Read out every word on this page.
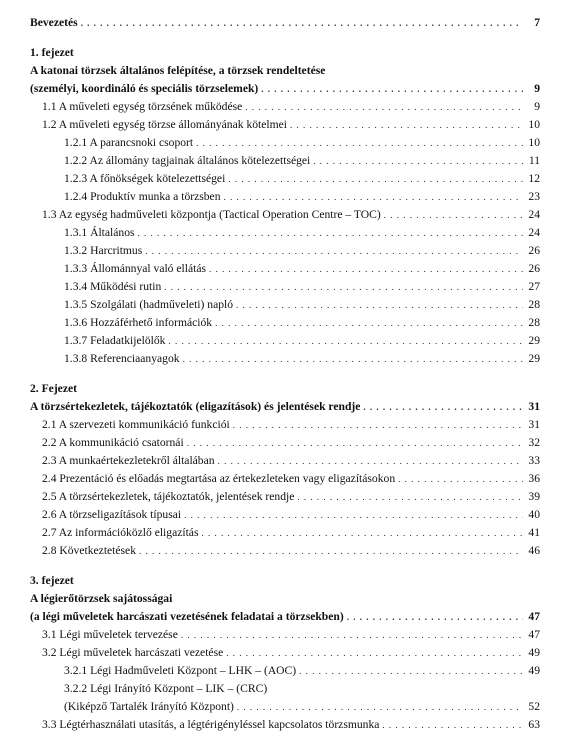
Bevezetés . . .	7
1. fejezet
A katonai törzsek általános felépítése, a törzsek rendeltetése
(személyi, koordináló és speciális törzselemek) . . .	9
1.1 A műveleti egység törzsének működése . . .	9
1.2 A műveleti egység törzse állományának kötelmei . . .	10
1.2.1 A parancsnoki csoport . . .	10
1.2.2 Az állomány tagjainak általános kötelezettségei . . .	11
1.2.3 A főnökségek kötelezettségei . . .	12
1.2.4 Produktív munka a törzsben . . .	23
1.3 Az egység hadműveleti központja (Tactical Operation Centre – TOC) . . .	24
1.3.1 Általános . . .	24
1.3.2 Harcritmus . . .	26
1.3.3 Állománnyal való ellátás . . .	26
1.3.4 Működési rutin . . .	27
1.3.5 Szolgálati (hadműveleti) napló . . .	28
1.3.6 Hozzáférhető információk . . .	28
1.3.7 Feladatkijelölők . . .	29
1.3.8 Referenciaanyagok . . .	29
2. Fejezet
A törzsértekezletek, tájékoztatók (eligazítások) és jelentések rendje . . .	31
2.1 A szervezeti kommunikáció funkciói . . .	31
2.2 A kommunikáció csatornái . . .	32
2.3 A munkaértekezletekről általában . . .	33
2.4 Prezentáció és előadás megtartása az értekezleteken vagy eligazításokon . . .	36
2.5 A törzsértekezletek, tájékoztatók, jelentések rendje . . .	39
2.6 A törzseligazítások típusai . . .	40
2.7 Az információközlő eligazítás . . .	41
2.8 Következtetések . . .	46
3. fejezet
A légierőtörzsek sajátosságai
(a légi műveletek harcászati vezetésének feladatai a törzsekben) . . .	47
3.1 Légi műveletek tervezése . . .	47
3.2 Légi műveletek harcászati vezetése . . .	49
3.2.1 Légi Hadműveleti Központ – LHK – (AOC) . . .	49
3.2.2 Légi Irányító Központ – LIK – (CRC)
(Kiképző Tartalék Irányító Központ) . . .	52
3.3 Légtérhasználati utasítás, a légtérigényléssel kapcsolatos törzsmunka . . .	63
